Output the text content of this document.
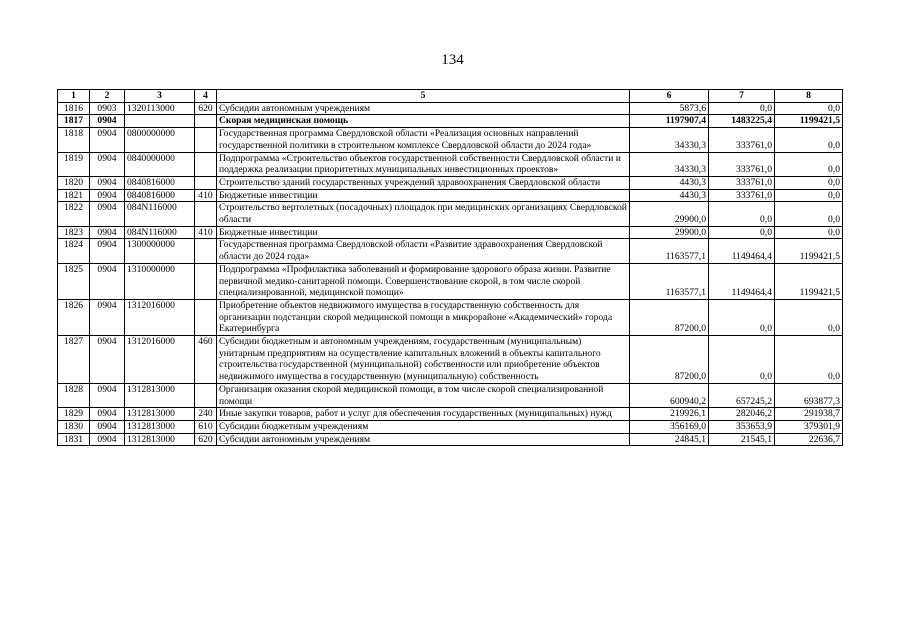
134
1	2	3	4	5	6	7	8
1816	0903	1320113000	620	Субсидии автономным учреждениям	5873,6	0,0	0,0
1817	0904			Скорая медицинская помощь	1197907,4	1483225,4	1199421,5
1818	0904	0800000000		Государственная программа Свердловской области «Реализация основных направлений государственной политики в строительном комплексе Свердловской области до 2024 года»	34330,3	333761,0	0,0
1819	0904	0840000000		Подпрограмма «Строительство объектов государственной собственности Свердловской области и поддержка реализации приоритетных муниципальных инвестиционных проектов»	34330,3	333761,0	0,0
1820	0904	0840816000		Строительство зданий государственных учреждений здравоохранения Свердловской области	4430,3	333761,0	0,0
1821	0904	0840816000	410	Бюджетные инвестиции	4430,3	333761,0	0,0
1822	0904	084N116000		Строительство вертолетных (посадочных) площадок при медицинских организациях Свердловской области	29900,0	0,0	0,0
1823	0904	084N116000	410	Бюджетные инвестиции	29900,0	0,0	0,0
1824	0904	1300000000		Государственная программа Свердловской области «Развитие здравоохранения Свердловской области до 2024 года»	1163577,1	1149464,4	1199421,5
1825	0904	1310000000		Подпрограмма «Профилактика заболеваний и формирование здорового образа жизни. Развитие первичной медико-санитарной помощи. Совершенствование скорой, в том числе скорой специализированной, медицинской помощи»	1163577,1	1149464,4	1199421,5
1826	0904	1312016000		Приобретение объектов недвижимого имущества в государственную собственность для организации подстанции скорой медицинской помощи в микрорайоне «Академический» города Екатеринбурга	87200,0	0,0	0,0
1827	0904	1312016000	460	Субсидии бюджетным и автономным учреждениям, государственным (муниципальным) унитарным предприятиям на осуществление капитальных вложений в объекты капитального строительства государственной (муниципальной) собственности или приобретение объектов недвижимого имущества в государственную (муниципальную) собственность	87200,0	0,0	0,0
1828	0904	1312813000		Организация оказания скорой медицинской помощи, в том числе скорой специализированной помощи	600940,2	657245,2	693877,3
1829	0904	1312813000	240	Иные закупки товаров, работ и услуг для обеспечения государственных (муниципальных) нужд	219926,1	282046,2	291938,7
1830	0904	1312813000	610	Субсидии бюджетным учреждениям	356169,0	353653,9	379301,9
1831	0904	1312813000	620	Субсидии автономным учреждениям	24845,1	21545,1	22636,7
